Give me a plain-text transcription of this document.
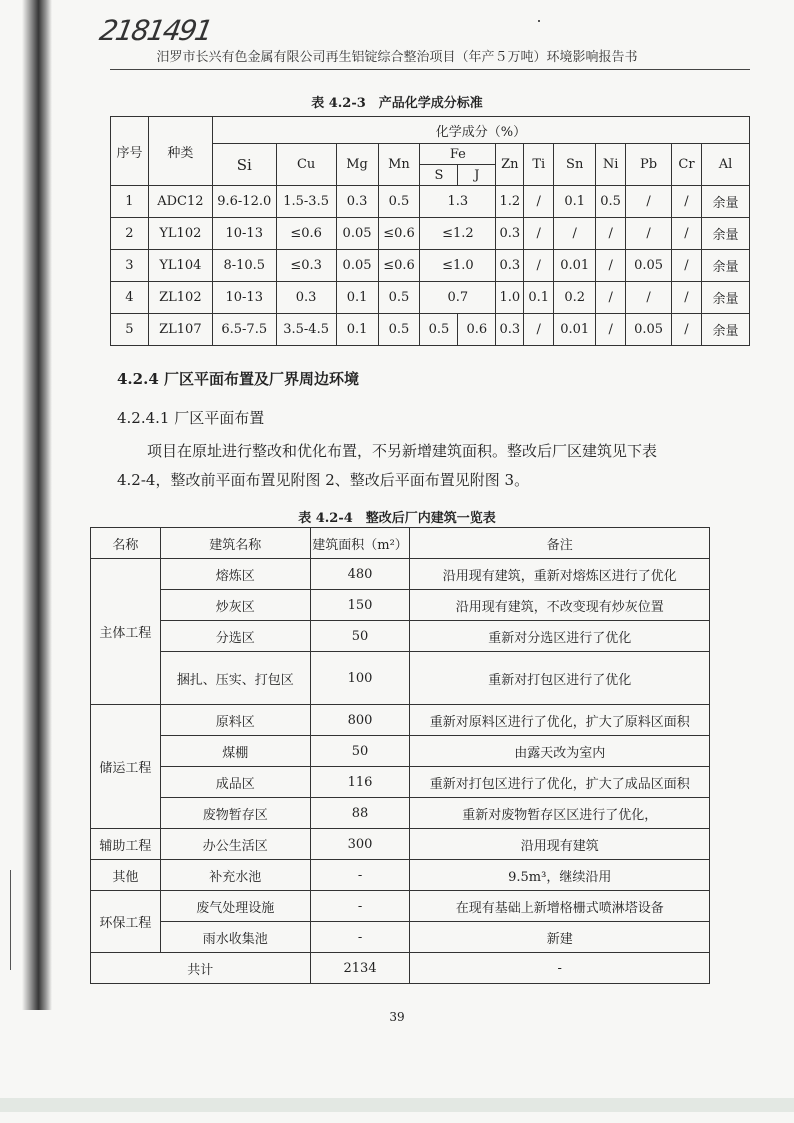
2181491
汨罗市长兴有色金属有限公司再生铝锭综合整治项目（年产５万吨）环境影响报告书
表 4.2-3　产品化学成分标准
序号	种类	化学成分（%）												
		Si	Cu	Mg	Mn	Fe		Zn	Ti	Sn	Ni	Pb	Cr	Al
						S	J							
1	ADC12	9.6-12.0	1.5-3.5	0.3	0.5	1.3		1.2	/	0.1	0.5	/	/	余量
2	YL102	10-13	≤0.6	0.05	≤0.6	≤1.2		0.3	/	/	/	/	/	余量
3	YL104	8-10.5	≤0.3	0.05	≤0.6	≤1.0		0.3	/	0.01	/	0.05	/	余量
4	ZL102	10-13	0.3	0.1	0.5	0.7		1.0	0.1	0.2	/	/	/	余量
5	ZL107	6.5-7.5	3.5-4.5	0.1	0.5	0.5	0.6	0.3	/	0.01	/	0.05	/	余量
4.2.4 厂区平面布置及厂界周边环境
4.2.4.1 厂区平面布置
项目在原址进行整改和优化布置，不另新增建筑面积。整改后厂区建筑见下表
4.2-4，整改前平面布置见附图 2、整改后平面布置见附图 3。
表 4.2-4　整改后厂内建筑一览表
名称	建筑名称	建筑面积（m²）	备注
主体工程	熔炼区	480	沿用现有建筑，重新对熔炼区进行了优化
	炒灰区	150	沿用现有建筑，不改变现有炒灰位置
	分选区	50	重新对分选区进行了优化
	捆扎、压实、打包区	100	重新对打包区进行了优化
储运工程	原料区	800	重新对原料区进行了优化，扩大了原料区面积
	煤棚	50	由露天改为室内
	成品区	116	重新对打包区进行了优化，扩大了成品区面积
	废物暂存区	88	重新对废物暂存区区进行了优化，
辅助工程	办公生活区	300	沿用现有建筑
其他	补充水池	-	9.5m³，继续沿用
环保工程	废气处理设施	-	在现有基础上新增格栅式喷淋塔设备
	雨水收集池	-	新建
共计		2134	-
39
